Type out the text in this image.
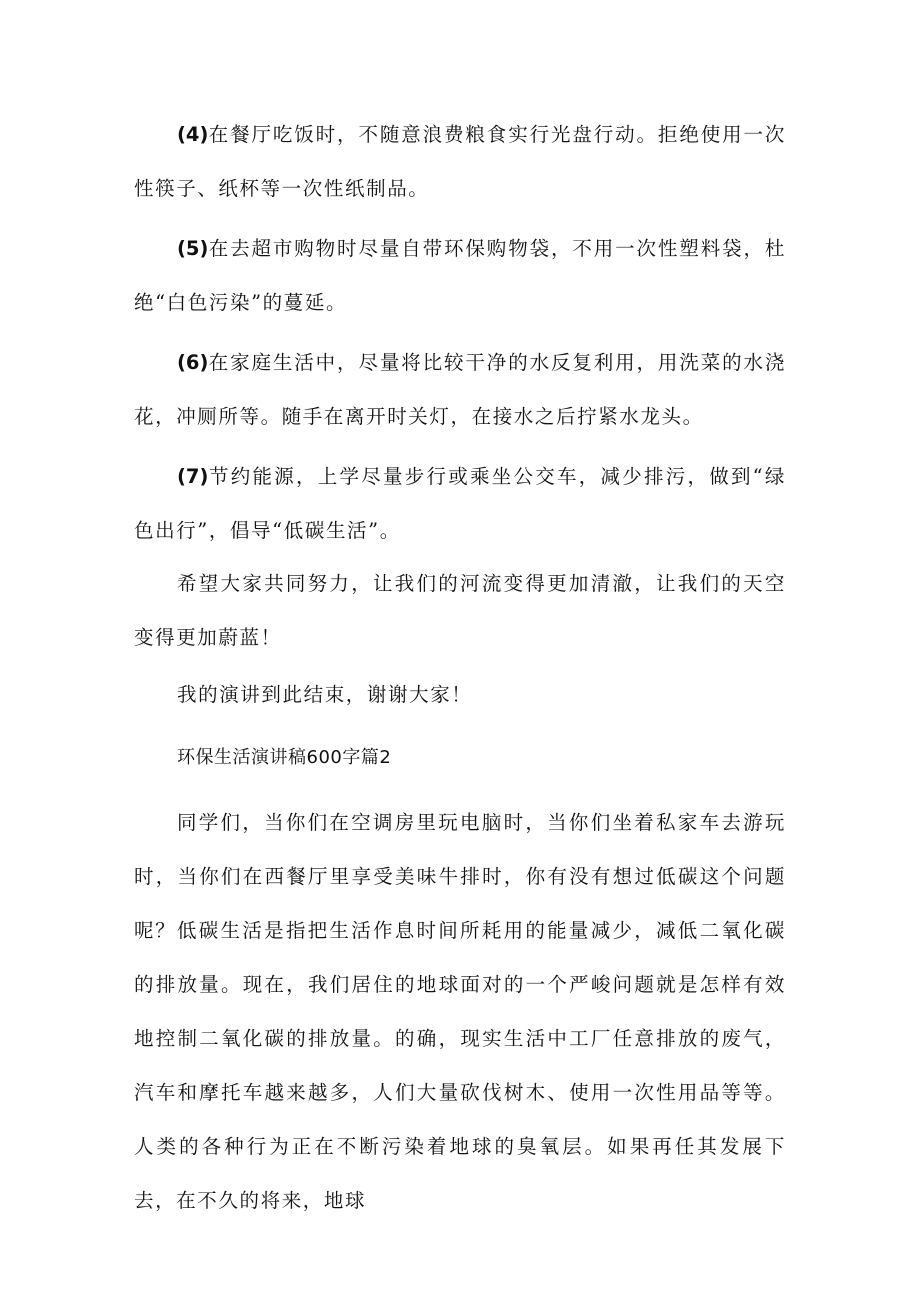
(4)在餐厅吃饭时，不随意浪费粮食实行光盘行动。拒绝使用一次性筷子、纸杯等一次性纸制品。

(5)在去超市购物时尽量自带环保购物袋，不用一次性塑料袋，杜绝“白色污染”的蔓延。

(6)在家庭生活中，尽量将比较干净的水反复利用，用洗菜的水浇花，冲厕所等。随手在离开时关灯，在接水之后拧紧水龙头。

(7)节约能源，上学尽量步行或乘坐公交车，减少排污，做到“绿色出行”，倡导“低碳生活”。

希望大家共同努力，让我们的河流变得更加清澈，让我们的天空变得更加蔚蓝！

我的演讲到此结束，谢谢大家！

环保生活演讲稿600字篇2

同学们，当你们在空调房里玩电脑时，当你们坐着私家车去游玩时，当你们在西餐厅里享受美味牛排时，你有没有想过低碳这个问题呢？ 低碳生活是指把生活作息时间所耗用的能量减少，减低二氧化碳的排放量。现在，我们居住的地球面对的一个严峻问题就是怎样有效地控制二氧化碳的排放量。的确，现实生活中工厂任意排放的废气，汽车和摩托车越来越多，人们大量砍伐树木、使用一次性用品等等。人类的各种行为正在不断污染着地球的臭氧层。如果再任其发展下去，在不久的将来，地球
